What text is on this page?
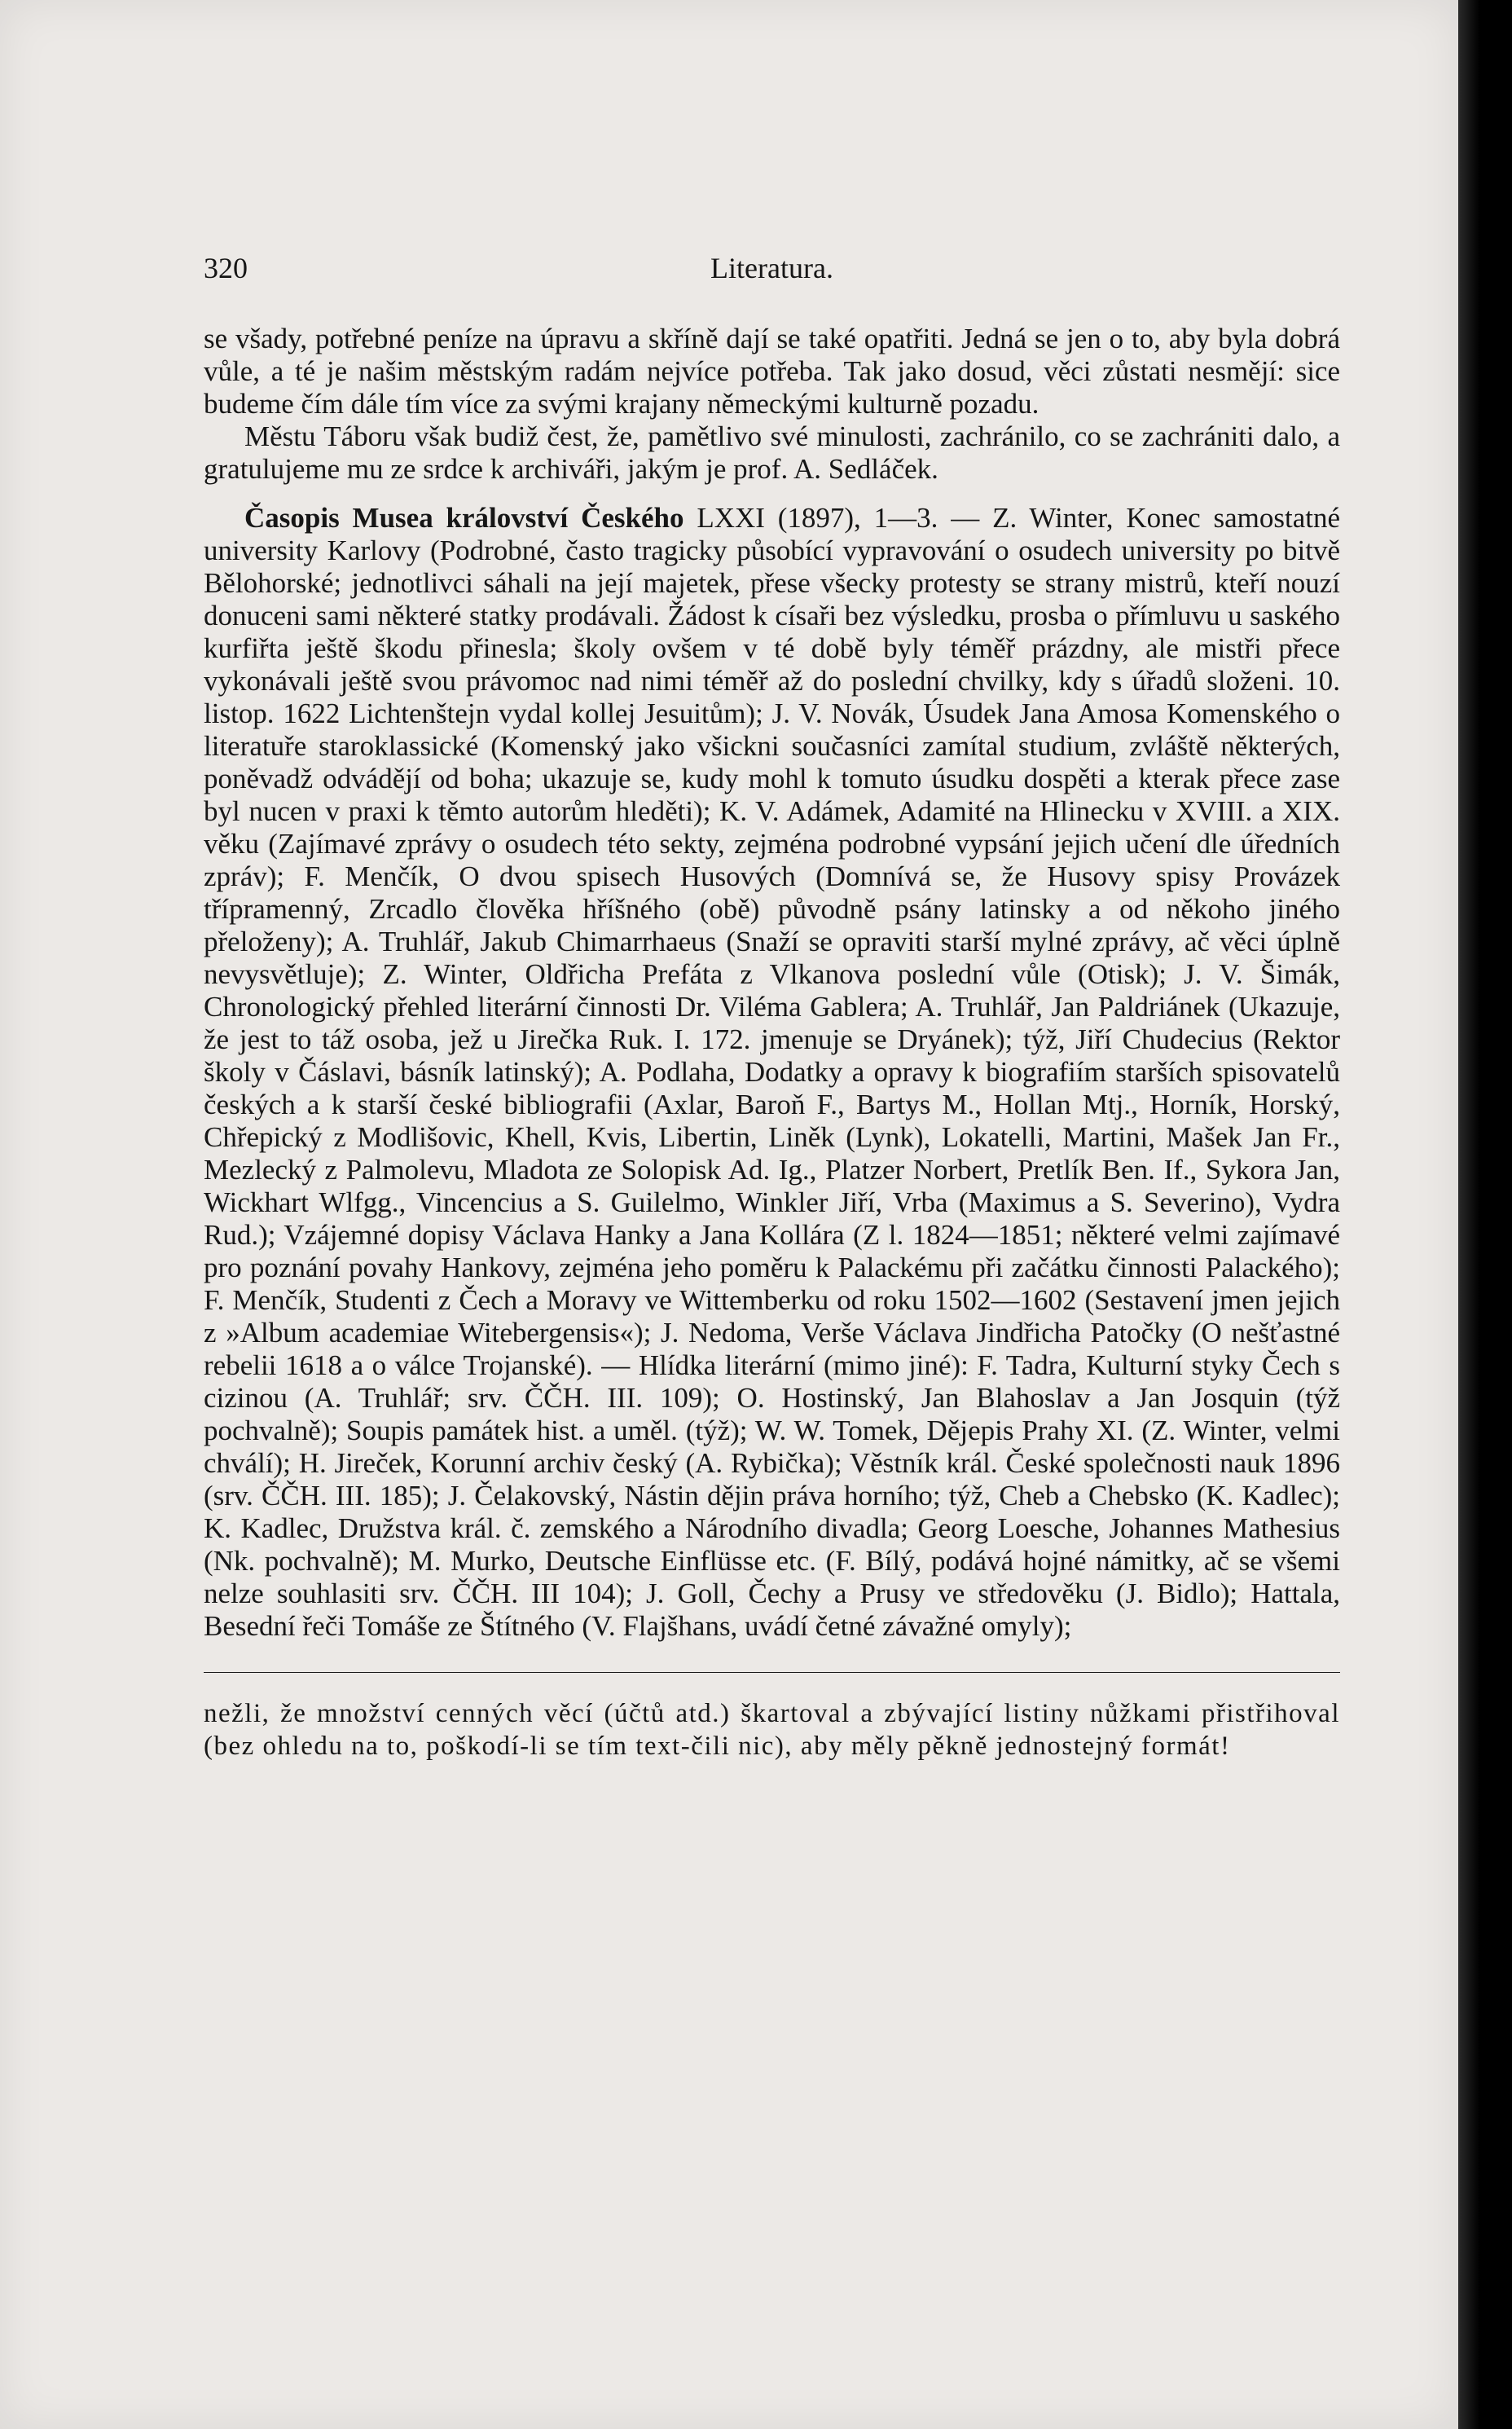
320	Literatura.

se všady, potřebné peníze na úpravu a skříně dají se také opatřiti. Jedná se jen o to, aby byla dobrá vůle, a té je našim městským radám nejvíce potřeba. Tak jako dosud, věci zůstati nesmějí: sice budeme čím dále tím více za svými krajany německými kulturně pozadu.

Městu Táboru však budiž čest, že, pamětlivo své minulosti, zachránilo, co se zachrániti dalo, a gratulujeme mu ze srdce k archiváři, jakým je prof. A. Sedláček.

Časopis Musea království Českého LXXI (1897), 1—3. — Z. Winter, Konec samostatné university Karlovy (Podrobné, často tragicky působící vypravování o osudech university po bitvě Bělohorské; jednotlivci sáhali na její majetek, přese všecky protesty se strany mistrů, kteří nouzí donuceni sami některé statky prodávali. Žádost k císaři bez výsledku, prosba o přímluvu u saského kurfiřta ještě škodu přinesla; školy ovšem v té době byly téměř prázdny, ale mistři přece vykonávali ještě svou právomoc nad nimi téměř až do poslední chvilky, kdy s úřadů složeni. 10. listop. 1622 Lichtenštejn vydal kollej Jesuitům); J. V. Novák, Úsudek Jana Amosa Komenského o literatuře staroklassické (Komenský jako všickni současníci zamítal studium, zvláště některých, poněvadž odvádějí od boha; ukazuje se, kudy mohl k tomuto úsudku dospěti a kterak přece zase byl nucen v praxi k těmto autorům hleděti); K. V. Adámek, Adamité na Hlinecku v XVIII. a XIX. věku (Zajímavé zprávy o osudech této sekty, zejména podrobné vypsání jejich učení dle úředních zpráv); F. Menčík, O dvou spisech Husových (Domnívá se, že Husovy spisy Provázek třípramenný, Zrcadlo člověka hříšného (obě) původně psány latinsky a od někoho jiného přeloženy); A. Truhlář, Jakub Chimarrhaeus (Snaží se opraviti starší mylné zprávy, ač věci úplně nevysvětluje); Z. Winter, Oldřicha Prefáta z Vlkanova poslední vůle (Otisk); J. V. Šimák, Chronologický přehled literární činnosti Dr. Viléma Gablera; A. Truhlář, Jan Paldriánek (Ukazuje, že jest to táž osoba, jež u Jirečka Ruk. I. 172. jmenuje se Dryánek); týž, Jiří Chudecius (Rektor školy v Čáslavi, básník latinský); A. Podlaha, Dodatky a opravy k biografiím starších spisovatelů českých a k starší české bibliografii (Axlar, Baroň F., Bartys M., Hollan Mtj., Horník, Horský, Chřepický z Modlišovic, Khell, Kvis, Libertin, Liněk (Lynk), Lokatelli, Martini, Mašek Jan Fr., Mezlecký z Palmolevu, Mladota ze Solopisk Ad. Ig., Platzer Norbert, Pretlík Ben. If., Sykora Jan, Wickhart Wlfgg., Vincencius a S. Guilelmo, Winkler Jiří, Vrba (Maximus a S. Severino), Vydra Rud.); Vzájemné dopisy Václava Hanky a Jana Kollára (Z l. 1824—1851; některé velmi zajímavé pro poznání povahy Hankovy, zejména jeho poměru k Palackému při začátku činnosti Palackého); F. Menčík, Studenti z Čech a Moravy ve Wittemberku od roku 1502—1602 (Sestavení jmen jejich z »Album academiae Witebergensis«); J. Nedoma, Verše Václava Jindřicha Patočky (O nešťastné rebelii 1618 a o válce Trojanské). — Hlídka literární (mimo jiné): F. Tadra, Kulturní styky Čech s cizinou (A. Truhlář; srv. ČČH. III. 109); O. Hostinský, Jan Blahoslav a Jan Josquin (týž pochvalně); Soupis památek hist. a uměl. (týž); W. W. Tomek, Dějepis Prahy XI. (Z. Winter, velmi chválí); H. Jireček, Korunní archiv český (A. Rybička); Věstník král. České společnosti nauk 1896 (srv. ČČH. III. 185); J. Čelakovský, Nástin dějin práva horního; týž, Cheb a Chebsko (K. Kadlec); K. Kadlec, Družstva král. č. zemského a Národního divadla; Georg Loesche, Johannes Mathesius (Nk. pochvalně); M. Murko, Deutsche Einflüsse etc. (F. Bílý, podává hojné námitky, ač se všemi nelze souhlasiti srv. ČČH. III 104); J. Goll, Čechy a Prusy ve středověku (J. Bidlo); Hattala, Besední řeči Tomáše ze Štítného (V. Flajšhans, uvádí četné závažné omyly);

nežli, že množství cenných věcí (účtů atd.) škartoval a zbývající listiny nůžkami přistřihoval (bez ohledu na to, poškodí-li se tím text-čili nic), aby měly pěkně jednostejný formát!
